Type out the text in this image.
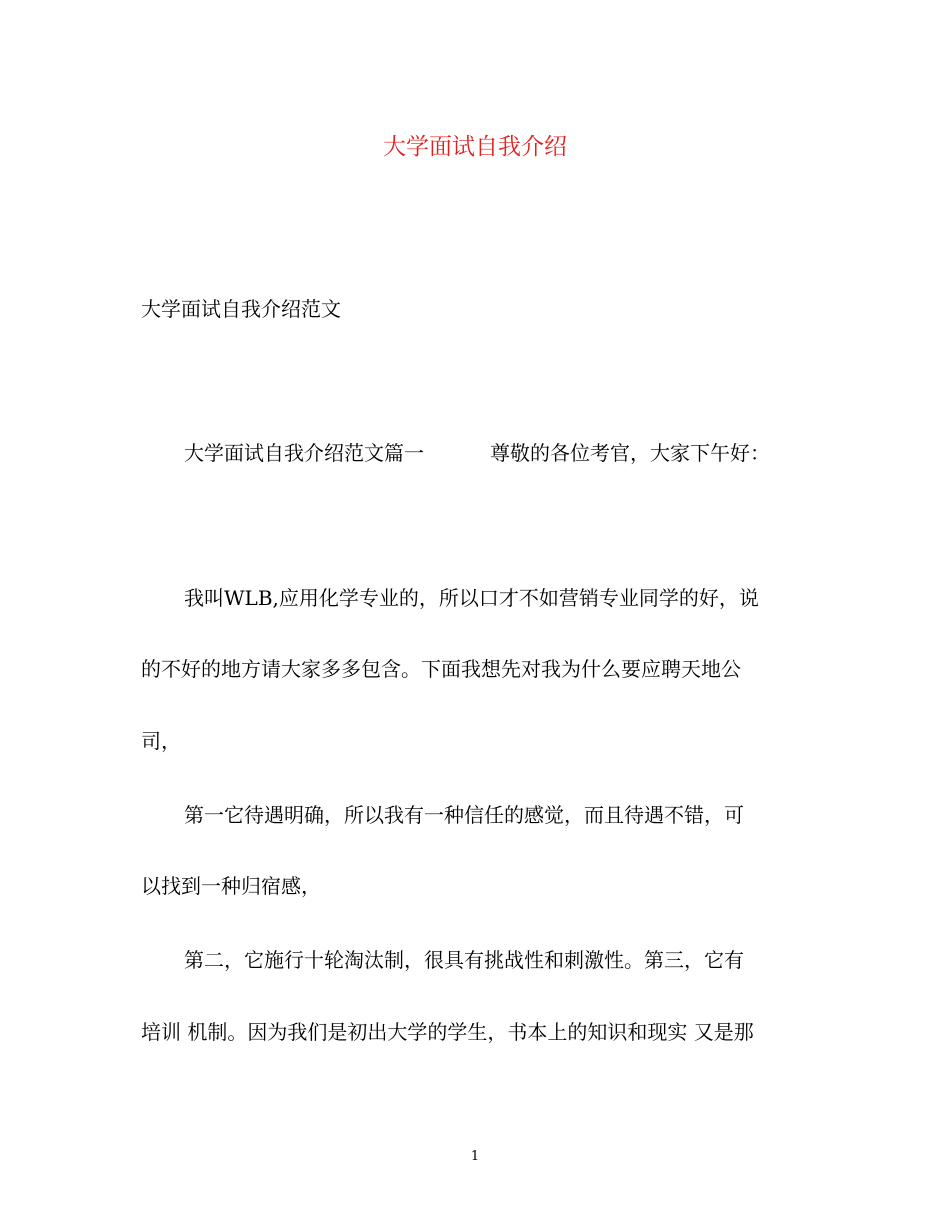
大学面试自我介绍

大学面试自我介绍范文

大学面试自我介绍范文篇一	尊敬的各位考官，大家下午好：

我叫WLB,应用化学专业的，所以口才不如营销专业同学的好，说

的不好的地方请大家多多包含。下面我想先对我为什么要应聘天地公

司，

第一它待遇明确，所以我有一种信任的感觉，而且待遇不错，可

以找到一种归宿感，

第二，它施行十轮淘汰制，很具有挑战性和刺激性。第三，它有

培训 机制。因为我们是初出大学的学生，书本上的知识和现实 又是那

1
